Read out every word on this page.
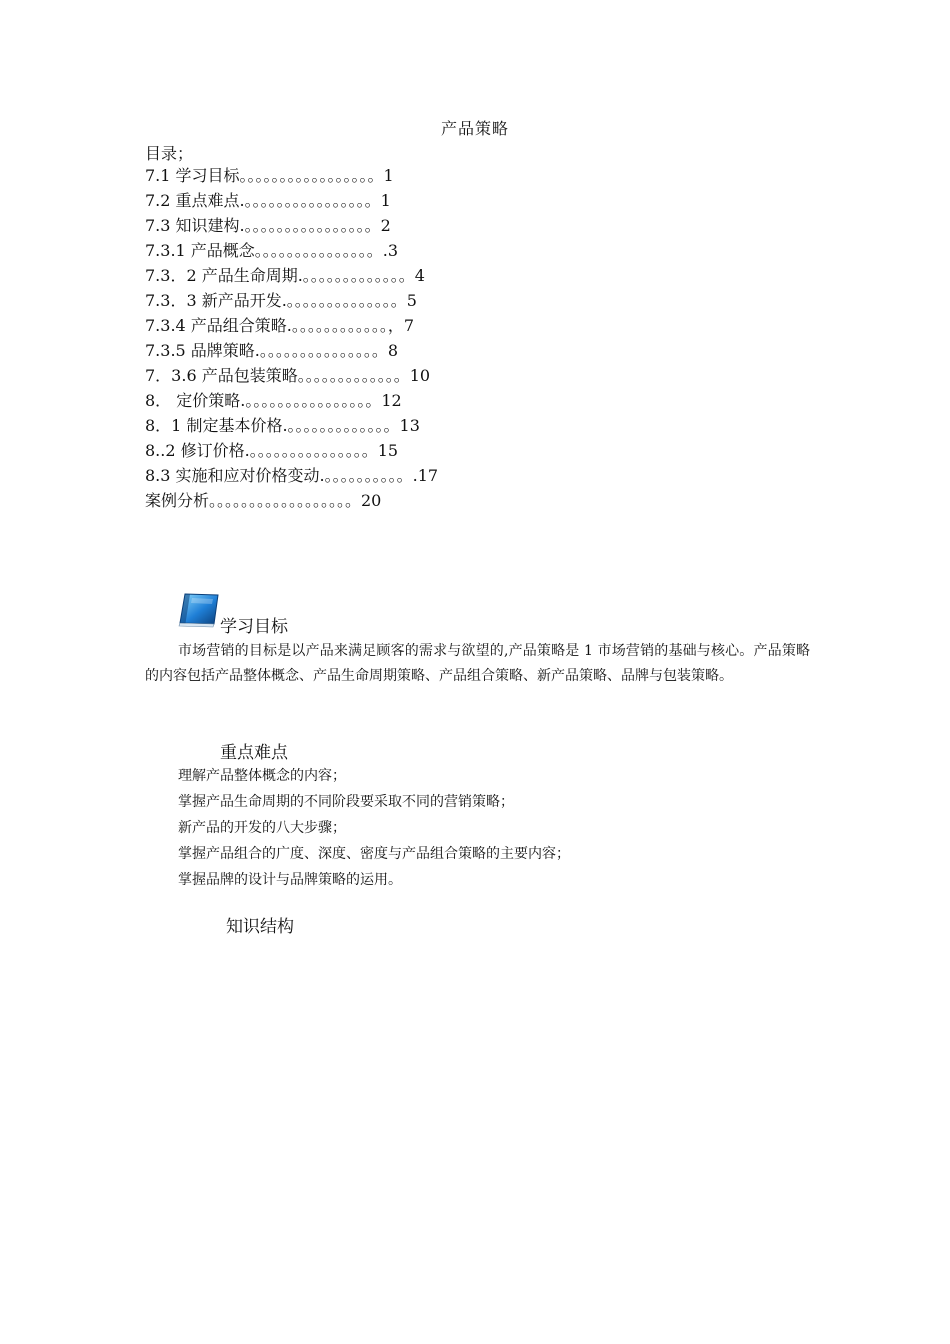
产品策略
目录；
7.1 学习目标。。。。。。。。。。。。。。。。。1
7.2 重点难点.。。。。。。。。。。。。。。。。1
7.3 知识建构.。。。。。。。。。。。。。。。。2
7.3.1 产品概念。。。。。。。。。。。。。。。.3
7.3．2 产品生命周期.。。。。。。。。。。。。。4
7.3．3 新产品开发.。。。。。。。。。。。。。。5
7.3.4 产品组合策略.。。。。。。。。。。。。，7
7.3.5 品牌策略.。。。。。。。。。。。。。。。8
7．3.6 产品包装策略。。。。。。。。。。。。。10
8． 定价策略.。。。。。。。。。。。。。。。。12
8．1 制定基本价格.。。。。。。。。。。。。。13
8..2 修订价格.。。。。。。。。。。。。。。。15
8.3 实施和应对价格变动.。。。。。。。。。。.17
案例分析。。。。。。。。。。。。。。。。。。20
学习目标

市场营销的目标是以产品来满足顾客的需求与欲望的,产品策略是 1 市场营销的基础与核心。产品策略的内容包括产品整体概念、产品生命周期策略、产品组合策略、新产品策略、品牌与包装策略。

重点难点
理解产品整体概念的内容；
掌握产品生命周期的不同阶段要采取不同的营销策略；
新产品的开发的八大步骤；
掌握产品组合的广度、深度、密度与产品组合策略的主要内容；
掌握品牌的设计与品牌策略的运用。
知识结构
